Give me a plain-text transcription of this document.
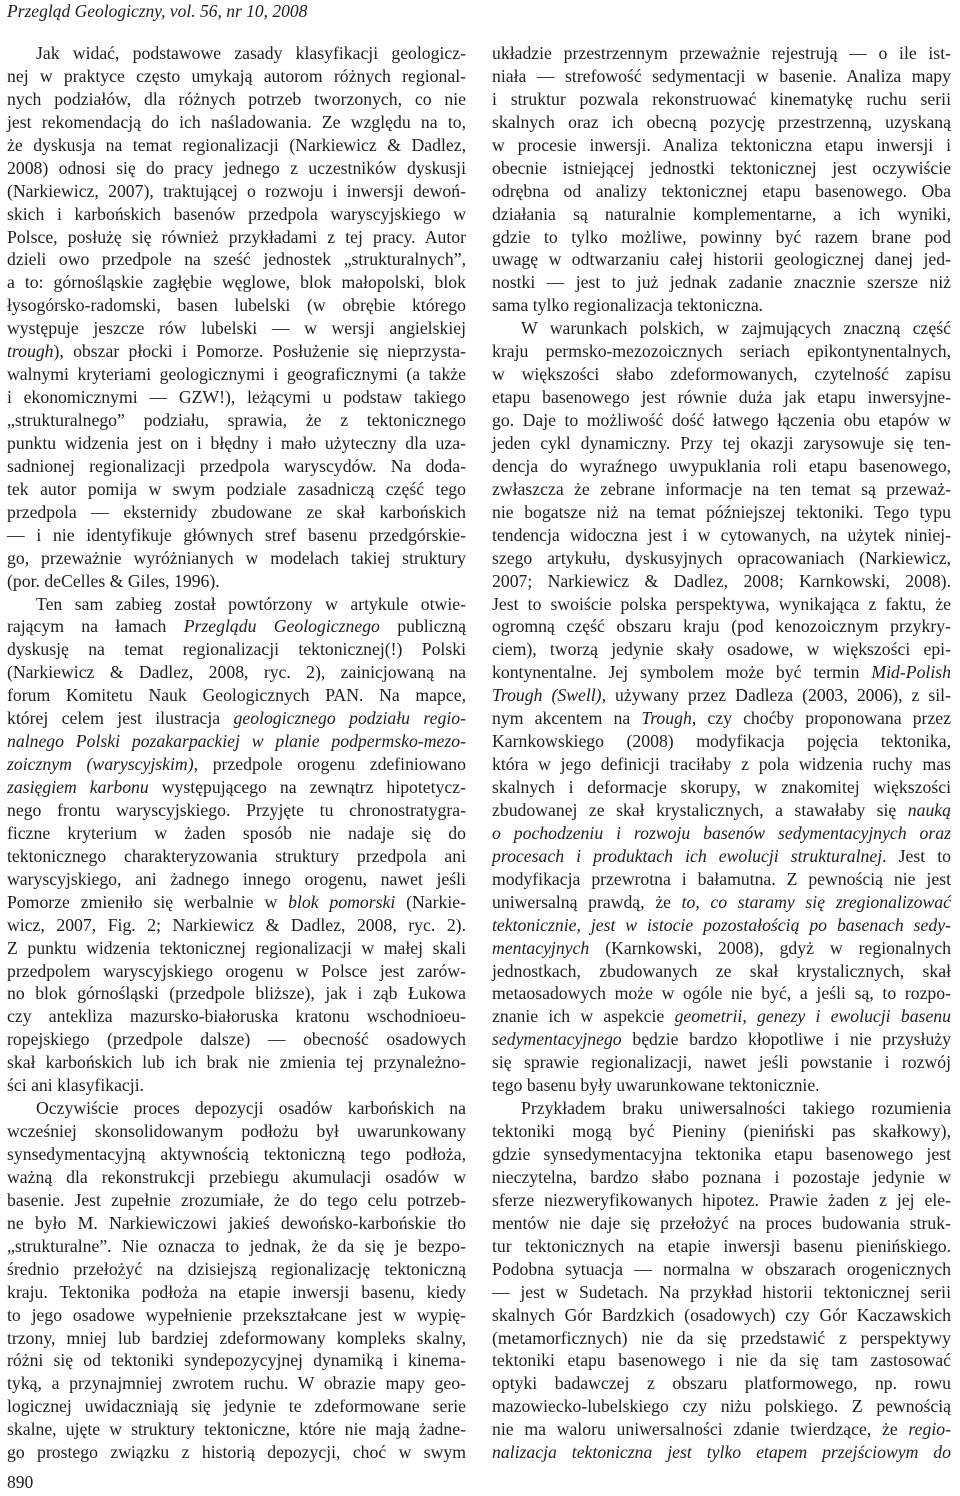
Przegląd Geologiczny, vol. 56, nr 10, 2008

Jak widać, podstawowe zasady klasyfikacji geologicz-
nej w praktyce często umykają autorom różnych regional-
nych podziałów, dla różnych potrzeb tworzonych, co nie
jest rekomendacją do ich naśladowania. Ze względu na to,
że dyskusja na temat regionalizacji (Narkiewicz & Dadlez,
2008) odnosi się do pracy jednego z uczestników dyskusji
(Narkiewicz, 2007), traktującej o rozwoju i inwersji dewoń-
skich i karbońskich basenów przedpola waryscyjskiego w
Polsce, posłużę się również przykładami z tej pracy. Autor
dzieli owo przedpole na sześć jednostek „strukturalnych”,
a to: górnośląskie zagłębie węglowe, blok małopolski, blok
łysogórsko-radomski, basen lubelski (w obrębie którego
występuje jeszcze rów lubelski — w wersji angielskiej
trough), obszar płocki i Pomorze. Posłużenie się nieprzysta-
walnymi kryteriami geologicznymi i geograficznymi (a także
i ekonomicznymi — GZW!), leżącymi u podstaw takiego
„strukturalnego” podziału, sprawia, że z tektonicznego
punktu widzenia jest on i błędny i mało użyteczny dla uza-
sadnionej regionalizacji przedpola waryscydów. Na doda-
tek autor pomija w swym podziale zasadniczą część tego
przedpola — eksternidy zbudowane ze skał karbońskich
— i nie identyfikuje głównych stref basenu przedgórskie-
go, przeważnie wyróżnianych w modelach takiej struktury
(por. deCelles & Giles, 1996).

Ten sam zabieg został powtórzony w artykule otwie-
rającym na łamach Przeglądu Geologicznego publiczną
dyskusję na temat regionalizacji tektonicznej(!) Polski
(Narkiewicz & Dadlez, 2008, ryc. 2), zainicjowaną na
forum Komitetu Nauk Geologicznych PAN. Na mapce,
której celem jest ilustracja geologicznego podziału regio-
nalnego Polski pozakarpackiej w planie podpermsko-mezo-
zoicznym (waryscyjskim), przedpole orogenu zdefiniowano
zasięgiem karbonu występującego na zewnątrz hipotetycz-
nego frontu waryscyjskiego. Przyjęte tu chronostratygra-
ficzne kryterium w żaden sposób nie nadaje się do
tektonicznego charakteryzowania struktury przedpola ani
waryscyjskiego, ani żadnego innego orogenu, nawet jeśli
Pomorze zmieniło się werbalnie w blok pomorski (Narkie-
wicz, 2007, Fig. 2; Narkiewicz & Dadlez, 2008, ryc. 2).
Z punktu widzenia tektonicznej regionalizacji w małej skali
przedpolem waryscyjskiego orogenu w Polsce jest zarów-
no blok górnośląski (przedpole bliższe), jak i ząb Łukowa
czy antekliza mazursko-białoruska kratonu wschodnioeu-
ropejskiego (przedpole dalsze) — obecność osadowych
skał karbońskich lub ich brak nie zmienia tej przynależno-
ści ani klasyfikacji.

Oczywiście proces depozycji osadów karbońskich na
wcześniej skonsolidowanym podłożu był uwarunkowany
synsedymentacyjną aktywnością tektoniczną tego podłoża,
ważną dla rekonstrukcji przebiegu akumulacji osadów w
basenie. Jest zupełnie zrozumiałe, że do tego celu potrzeb-
ne było M. Narkiewiczowi jakieś dewońsko-karbońskie tło
„strukturalne”. Nie oznacza to jednak, że da się je bezpo-
średnio przełożyć na dzisiejszą regionalizację tektoniczną
kraju. Tektonika podłoża na etapie inwersji basenu, kiedy
to jego osadowe wypełnienie przekształcane jest w wypię-
trzony, mniej lub bardziej zdeformowany kompleks skalny,
różni się od tektoniki syndepozycyjnej dynamiką i kinema-
tyką, a przynajmniej zwrotem ruchu. W obrazie mapy geo-
logicznej uwidaczniają się jedynie te zdeformowane serie
skalne, ujęte w struktury tektoniczne, które nie mają żadne-
go prostego związku z historią depozycji, choć w swym

układzie przestrzennym przeważnie rejestrują — o ile ist-
niała — strefowość sedymentacji w basenie. Analiza mapy
i struktur pozwala rekonstruować kinematykę ruchu serii
skalnych oraz ich obecną pozycję przestrzenną, uzyskaną
w procesie inwersji. Analiza tektoniczna etapu inwersji i
obecnie istniejącej jednostki tektonicznej jest oczywiście
odrębna od analizy tektonicznej etapu basenowego. Oba
działania są naturalnie komplementarne, a ich wyniki,
gdzie to tylko możliwe, powinny być razem brane pod
uwagę w odtwarzaniu całej historii geologicznej danej jed-
nostki — jest to już jednak zadanie znacznie szersze niż
sama tylko regionalizacja tektoniczna.

W warunkach polskich, w zajmujących znaczną część
kraju permsko-mezozoicznych seriach epikontynentalnych,
w większości słabo zdeformowanych, czytelność zapisu
etapu basenowego jest równie duża jak etapu inwersyjne-
go. Daje to możliwość dość łatwego łączenia obu etapów w
jeden cykl dynamiczny. Przy tej okazji zarysowuje się ten-
dencja do wyraźnego uwypuklania roli etapu basenowego,
zwłaszcza że zebrane informacje na ten temat są przeważ-
nie bogatsze niż na temat późniejszej tektoniki. Tego typu
tendencja widoczna jest i w cytowanych, na użytek niniej-
szego artykułu, dyskusyjnych opracowaniach (Narkiewicz,
2007; Narkiewicz & Dadlez, 2008; Karnkowski, 2008).
Jest to swoiście polska perspektywa, wynikająca z faktu, że
ogromną część obszaru kraju (pod kenozoicznym przykry-
ciem), tworzą jedynie skały osadowe, w większości epi-
kontynentalne. Jej symbolem może być termin Mid-Polish
Trough (Swell), używany przez Dadleza (2003, 2006), z sil-
nym akcentem na Trough, czy choćby proponowana przez
Karnkowskiego (2008) modyfikacja pojęcia tektonika,
która w jego definicji traciłaby z pola widzenia ruchy mas
skalnych i deformacje skorupy, w znakomitej większości
zbudowanej ze skał krystalicznych, a stawałaby się nauką
o pochodzeniu i rozwoju basenów sedymentacyjnych oraz
procesach i produktach ich ewolucji strukturalnej. Jest to
modyfikacja przewrotna i bałamutna. Z pewnością nie jest
uniwersalną prawdą, że to, co staramy się zregionalizować
tektonicznie, jest w istocie pozostałością po basenach sedy-
mentacyjnych (Karnkowski, 2008), gdyż w regionalnych
jednostkach, zbudowanych ze skał krystalicznych, skał
metaosadowych może w ogóle nie być, a jeśli są, to rozpo-
znanie ich w aspekcie geometrii, genezy i ewolucji basenu
sedymentacyjnego będzie bardzo kłopotliwe i nie przysłuży
się sprawie regionalizacji, nawet jeśli powstanie i rozwój
tego basenu były uwarunkowane tektonicznie.

Przykładem braku uniwersalności takiego rozumienia
tektoniki mogą być Pieniny (pieniński pas skałkowy),
gdzie synsedymentacyjna tektonika etapu basenowego jest
nieczytelna, bardzo słabo poznana i pozostaje jedynie w
sferze niezweryfikowanych hipotez. Prawie żaden z jej ele-
mentów nie daje się przełożyć na proces budowania struk-
tur tektonicznych na etapie inwersji basenu pienińskiego.
Podobna sytuacja — normalna w obszarach orogenicznych
— jest w Sudetach. Na przykład historii tektonicznej serii
skalnych Gór Bardzkich (osadowych) czy Gór Kaczawskich
(metamorficznych) nie da się przedstawić z perspektywy
tektoniki etapu basenowego i nie da się tam zastosować
optyki badawczej z obszaru platformowego, np. rowu
mazowiecko-lubelskiego czy niżu polskiego. Z pewnością
nie ma waloru uniwersalności zdanie twierdzące, że regio-
nalizacja tektoniczna jest tylko etapem przejściowym do

890
